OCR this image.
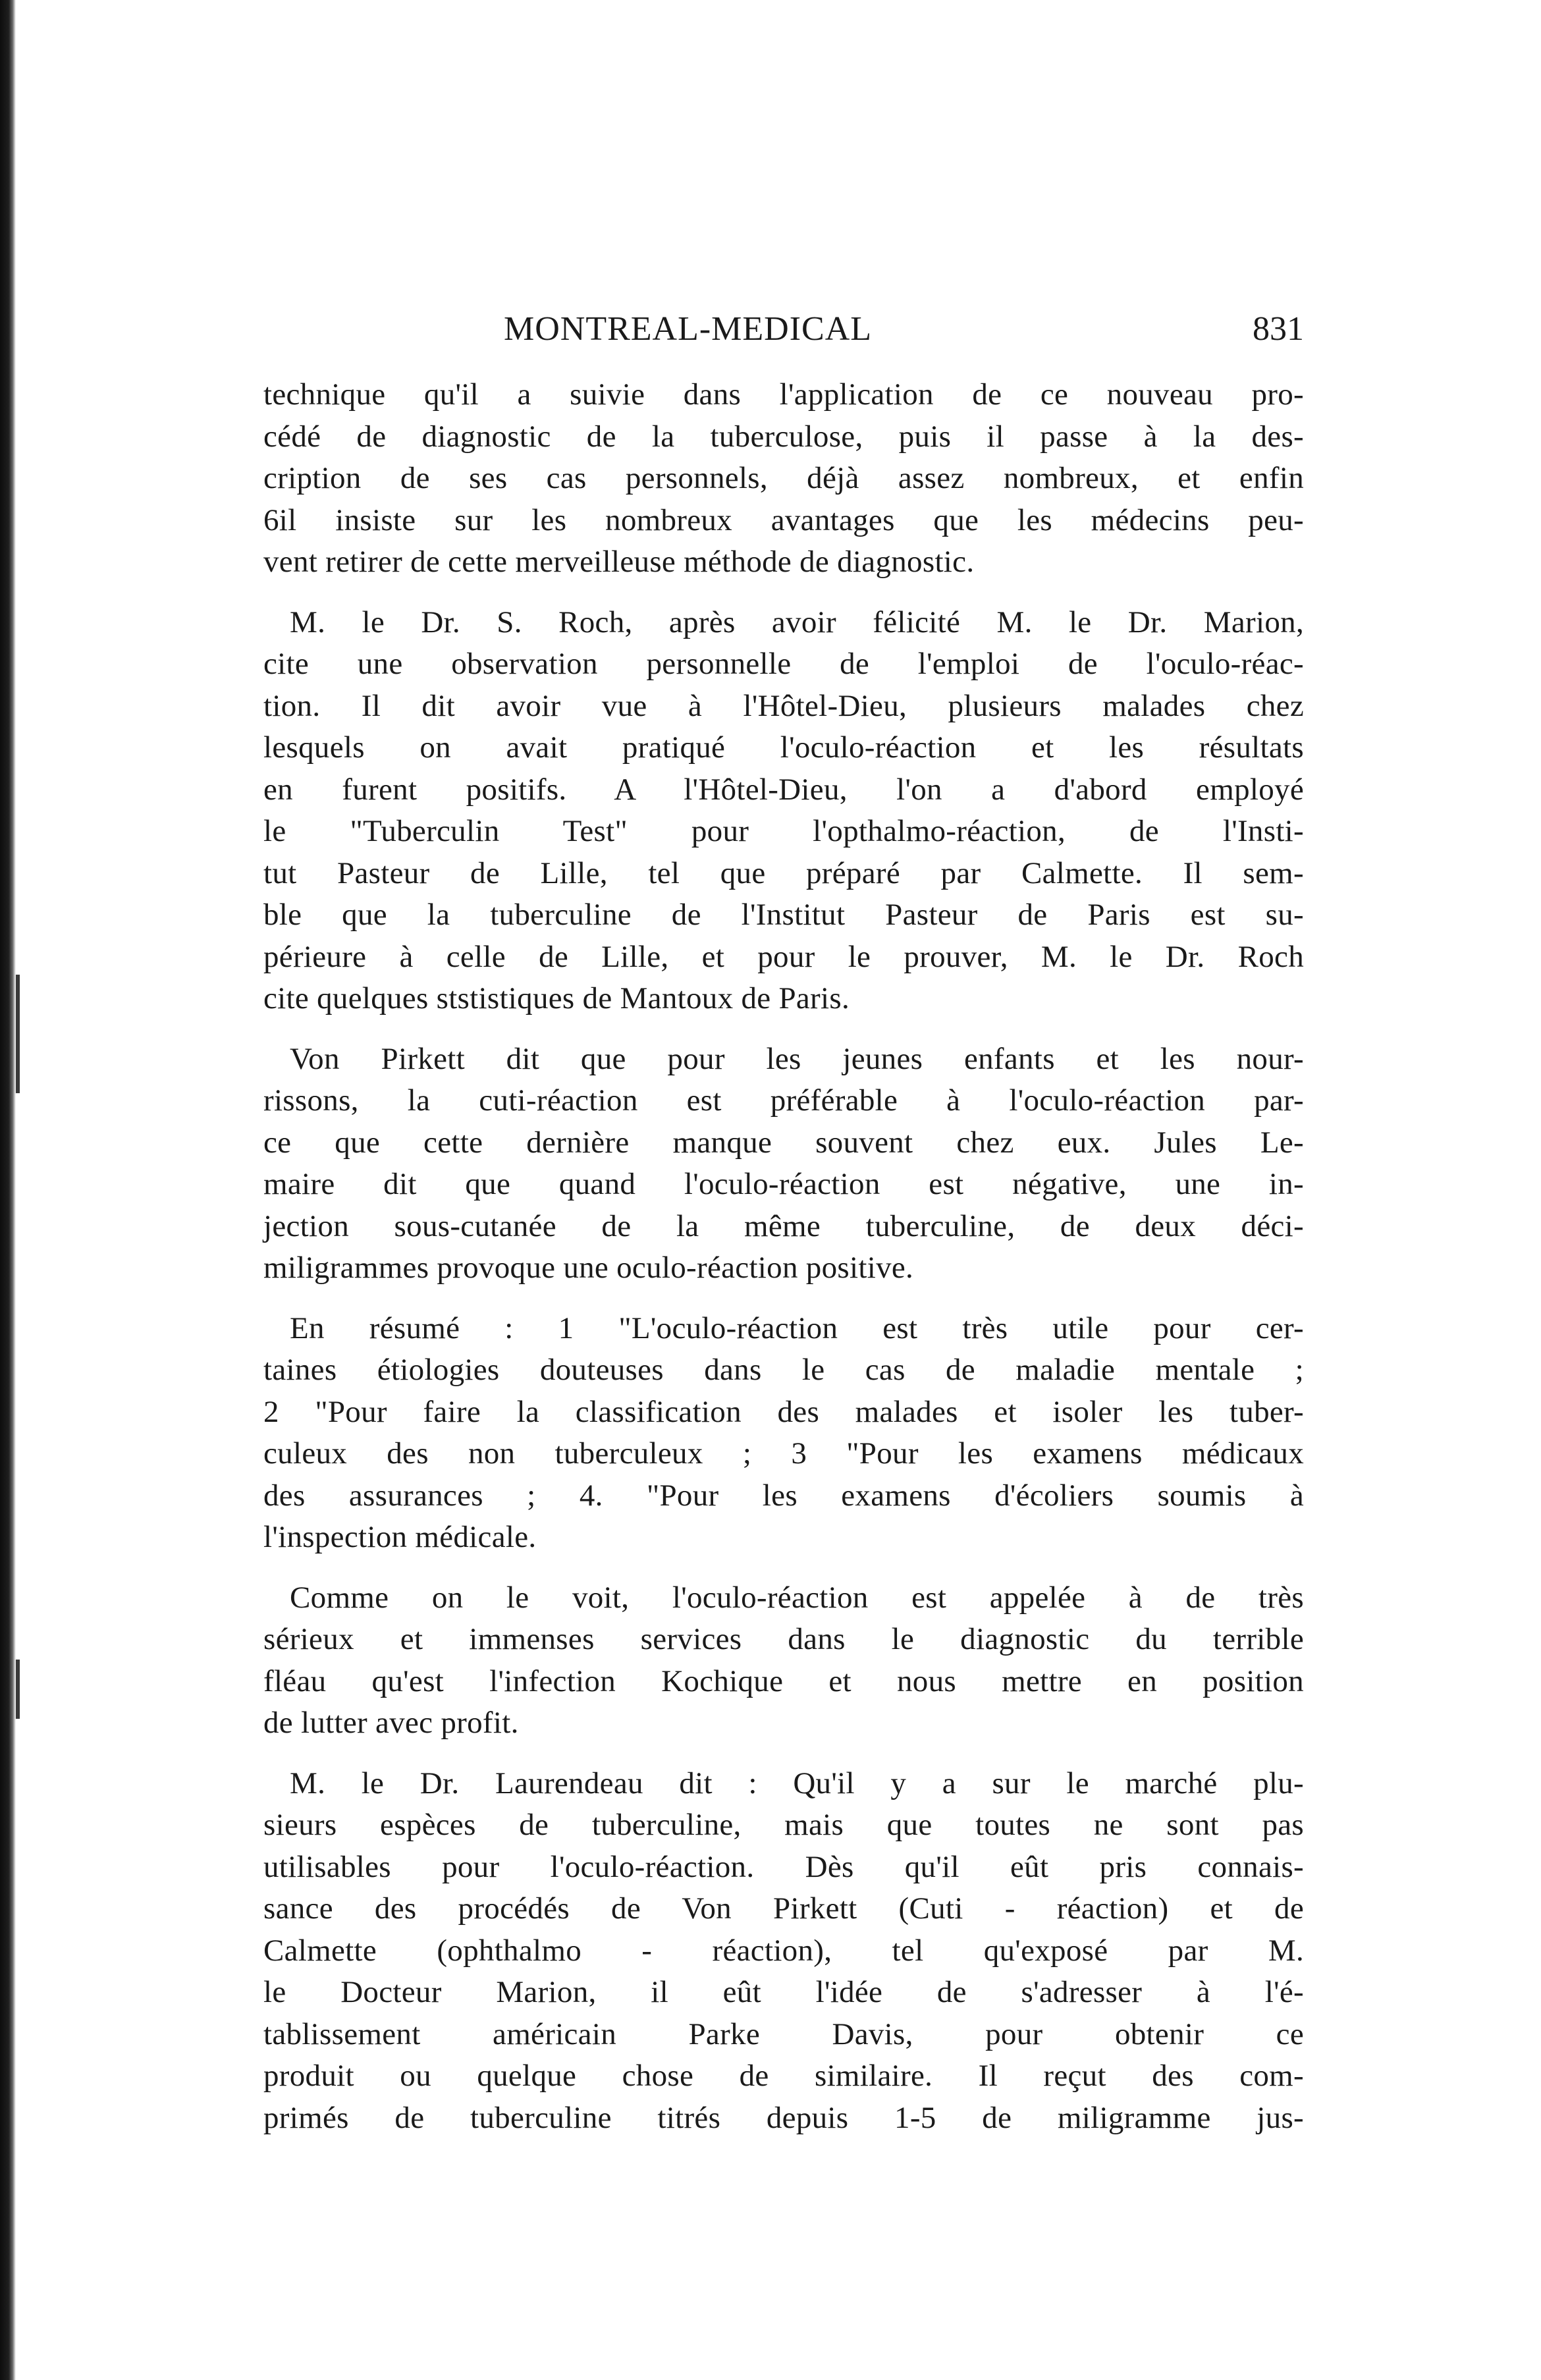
MONTREAL-MEDICAL	831

technique qu'il a suivie dans l'application de ce nouveau pro-
cédé de diagnostic de la tuberculose, puis il passe à la des-
cription de ses cas personnels, déjà assez nombreux, et enfin
6il insiste sur les nombreux avantages que les médecins peu-
vent retirer de cette merveilleuse méthode de diagnostic.

M. le Dr. S. Roch, après avoir félicité M. le Dr. Marion,
cite une observation personnelle de l'emploi de l'oculo-réac-
tion. Il dit avoir vue à l'Hôtel-Dieu, plusieurs malades chez
lesquels on avait pratiqué l'oculo-réaction et les résultats
en furent positifs. A l'Hôtel-Dieu, l'on a d'abord employé
le "Tuberculin Test" pour l'opthalmo-réaction, de l'Insti-
tut Pasteur de Lille, tel que préparé par Calmette. Il sem-
ble que la tuberculine de l'Institut Pasteur de Paris est su-
périeure à celle de Lille, et pour le prouver, M. le Dr. Roch
cite quelques ststistiques de Mantoux de Paris.

Von Pirkett dit que pour les jeunes enfants et les nour-
rissons, la cuti-réaction est préférable à l'oculo-réaction par-
ce que cette dernière manque souvent chez eux. Jules Le-
maire dit que quand l'oculo-réaction est négative, une in-
jection sous-cutanée de la même tuberculine, de deux déci-
miligrammes provoque une oculo-réaction positive.

En résumé : 1 "L'oculo-réaction est très utile pour cer-
taines étiologies douteuses dans le cas de maladie mentale ;
2 "Pour faire la classification des malades et isoler les tuber-
culeux des non tuberculeux ; 3 "Pour les examens médicaux
des assurances ; 4. "Pour les examens d'écoliers soumis à
l'inspection médicale.

Comme on le voit, l'oculo-réaction est appelée à de très
sérieux et immenses services dans le diagnostic du terrible
fléau qu'est l'infection Kochique et nous mettre en position
de lutter avec profit.

M. le Dr. Laurendeau dit : Qu'il y a sur le marché plu-
sieurs espèces de tuberculine, mais que toutes ne sont pas
utilisables pour l'oculo-réaction. Dès qu'il eût pris connais-
sance des procédés de Von Pirkett (Cuti - réaction) et de
Calmette (ophthalmo - réaction), tel qu'exposé par M.
le Docteur Marion, il eût l'idée de s'adresser à l'é-
tablissement américain Parke Davis, pour obtenir ce
produit ou quelque chose de similaire. Il reçut des com-
primés de tuberculine titrés depuis 1-5 de miligramme jus-
